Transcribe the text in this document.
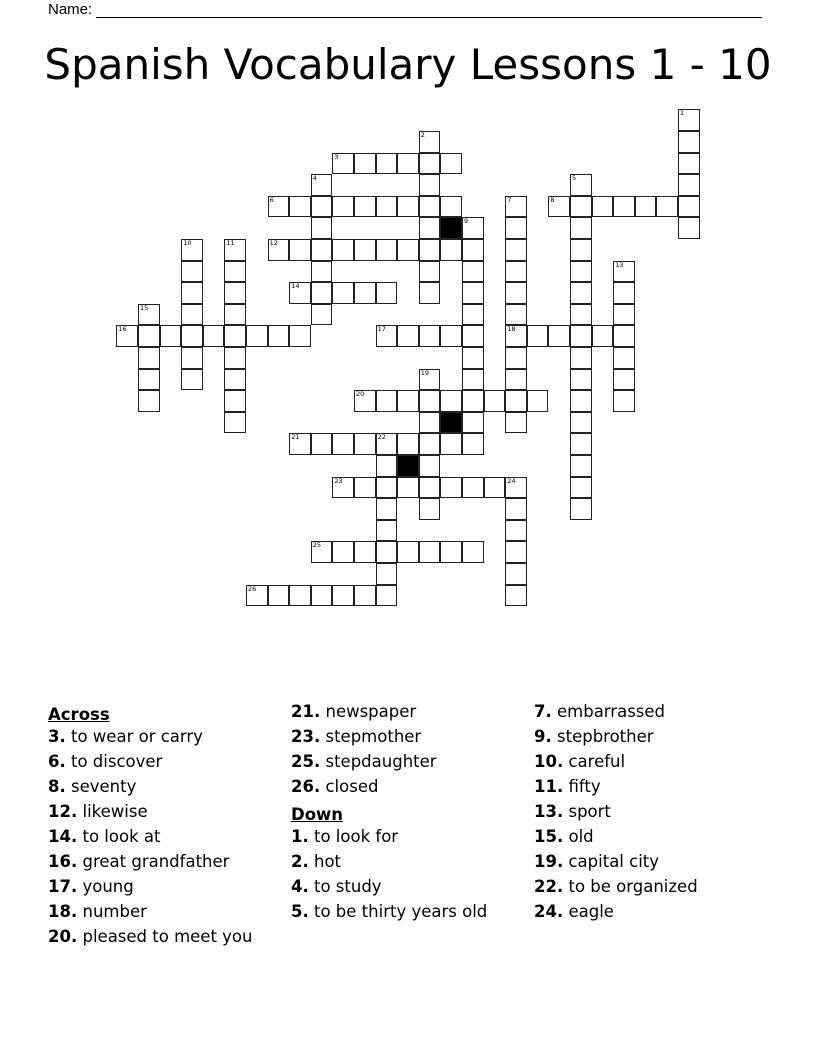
Name:
Spanish Vocabulary Lessons 1 - 10
3
6	8
12
14
16	17	18
20
21	22
23	24
25
26
1
2
4	5
7
9
10	11
13
15
19
Across
3. to wear or carry
6. to discover
8. seventy
12. likewise
14. to look at
16. great grandfather
17. young
18. number
20. pleased to meet you
21. newspaper
23. stepmother
25. stepdaughter
26. closed
Down
1. to look for
2. hot
4. to study
5. to be thirty years old
7. embarrassed
9. stepbrother
10. careful
11. fifty
13. sport
15. old
19. capital city
22. to be organized
24. eagle
